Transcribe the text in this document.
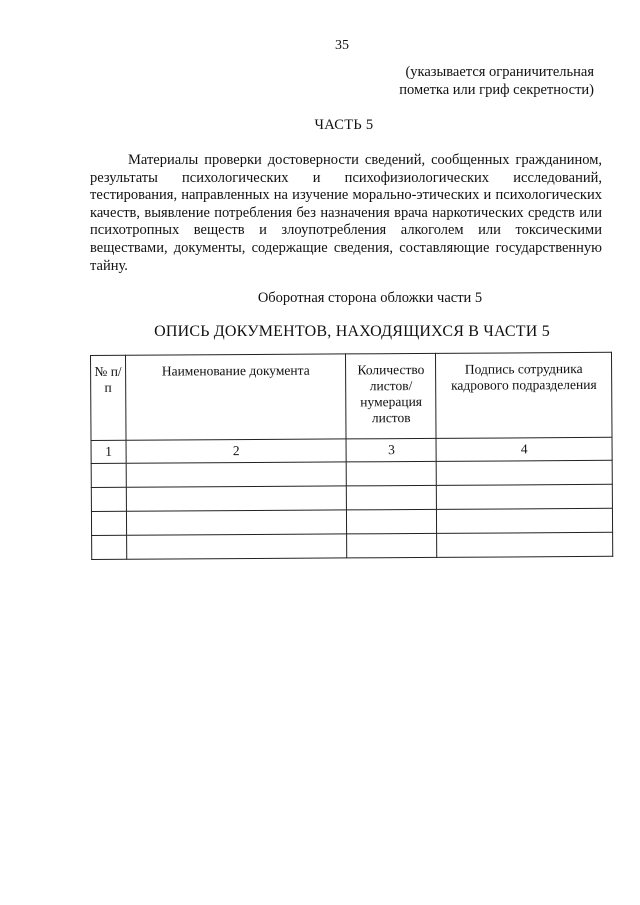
35
(указывается ограничительная
пометка или гриф секретности)
ЧАСТЬ 5

Материалы проверки достоверности сведений, сообщенных гражданином, результаты психологических и психофизиологических исследований, тестирования, направленных на изучение морально-этических и психологических качеств, выявление потребления без назначения врача наркотических средств или психотропных веществ и злоупотребления алкоголем или токсическими веществами, документы, содержащие сведения, составляющие государственную тайну.

Оборотная сторона обложки части 5
ОПИСЬ ДОКУМЕНТОВ, НАХОДЯЩИХСЯ В ЧАСТИ 5
№ п/п	Наименование документа	Количество листов/ нумерация листов	Подпись сотрудника кадрового подразделения

1	2	3	4
